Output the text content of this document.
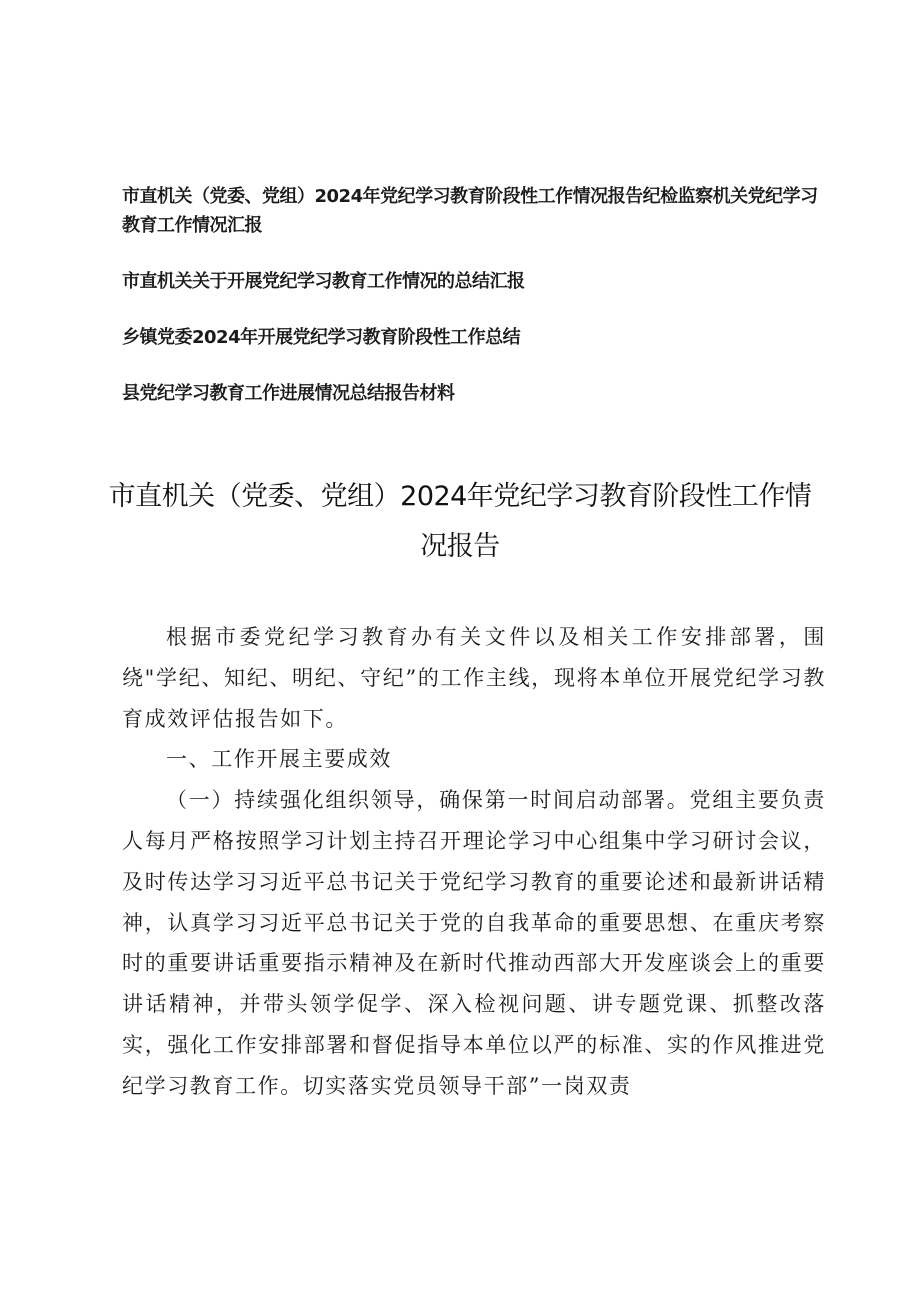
市直机关（党委、党组）2024年党纪学习教育阶段性工作情况报告纪检监察机关党纪学习教育工作情况汇报
市直机关关于开展党纪学习教育工作情况的总结汇报
乡镇党委2024年开展党纪学习教育阶段性工作总结
县党纪学习教育工作进展情况总结报告材料
市直机关（党委、党组）2024年党纪学习教育阶段性工作情况报告

根据市委党纪学习教育办有关文件以及相关工作安排部署，围绕"学纪、知纪、明纪、守纪”的工作主线，现将本单位开展党纪学习教育成效评估报告如下。

一、工作开展主要成效

（一）持续强化组织领导，确保第一时间启动部署。党组主要负责人每月严格按照学习计划主持召开理论学习中心组集中学习研讨会议，及时传达学习习近平总书记关于党纪学习教育的重要论述和最新讲话精神，认真学习习近平总书记关于党的自我革命的重要思想、在重庆考察时的重要讲话重要指示精神及在新时代推动西部大开发座谈会上的重要讲话精神，并带头领学促学、深入检视问题、讲专题党课、抓整改落实，强化工作安排部署和督促指导本单位以严的标准、实的作风推进党纪学习教育工作。切实落实党员领导干部”一岗双责
